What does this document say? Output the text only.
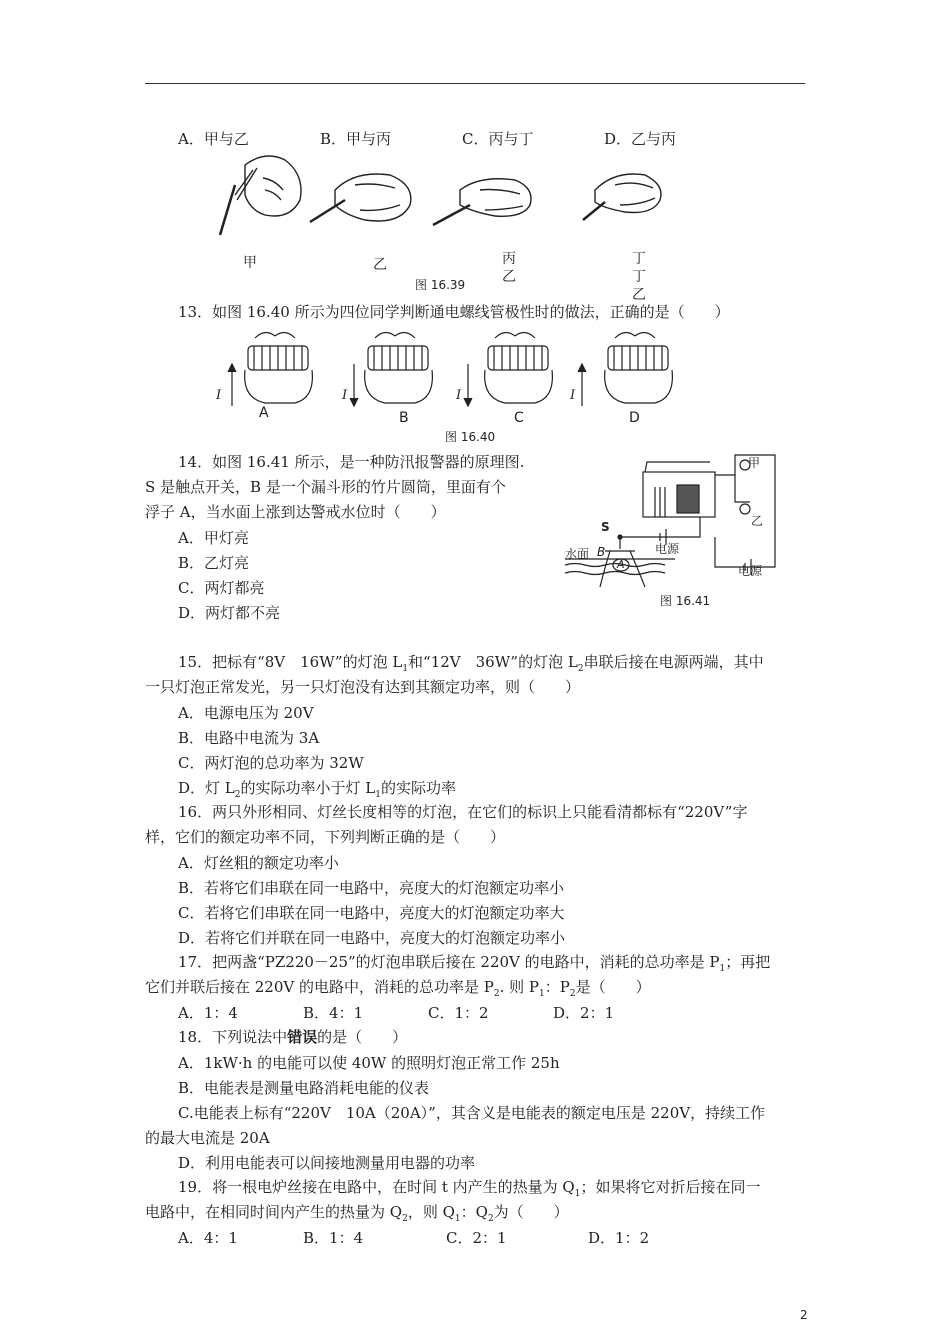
A．甲与乙	B．甲与丙	C．丙与丁	D．乙与丙
甲	乙	丙
乙
丁
丁
乙
图 16.39
13．如图 16.40 所示为四位同学判断通电螺线管极性时的做法，正确的是（　　）
I	I	I	I
A	B	C	D
图 16.40
14．如图 16.41 所示，是一种防汛报警器的原理图.
S 是触点开关，B 是一个漏斗形的竹片圆筒，里面有个
浮子 A，当水面上涨到达警戒水位时（　　）
A．甲灯亮
B．乙灯亮
C．两灯都亮
D．两灯都不亮
甲
乙
S
水面 B
A
电源
电源
图 16.41
15．把标有“8V　16W”的灯泡 $L_1$和“12V　36W”的灯泡 $L_2$串联后接在电源两端，其中
一只灯泡正常发光，另一只灯泡没有达到其额定功率，则（　　）
A．电源电压为 20V
B．电路中电流为 3A
C．两灯泡的总功率为 32W
D．灯 $L_2$的实际功率小于灯 $L_1$的实际功率
16．两只外形相同、灯丝长度相等的灯泡，在它们的标识上只能看清都标有“220V”字
样，它们的额定功率不同，下列判断正确的是（　　）
A．灯丝粗的额定功率小
B．若将它们串联在同一电路中，亮度大的灯泡额定功率小
C．若将它们串联在同一电路中，亮度大的灯泡额定功率大
D．若将它们并联在同一电路中，亮度大的灯泡额定功率小
17．把两盏“PZ220－25”的灯泡串联后接在 220V 的电路中，消耗的总功率是 $P_1$；再把
它们并联后接在 220V 的电路中，消耗的总功率是 $P_2$. 则 $P_1$：$P_2$是（　　）
A．1：4	B．4：1	C．1：2	D．2：1
18．下列说法中错误的是（　　）
A．1kW·h 的电能可以使 40W 的照明灯泡正常工作 25h
B．电能表是测量电路消耗电能的仪表
C.电能表上标有“220V　10A（20A）”，其含义是电能表的额定电压是 220V，持续工作
的最大电流是 20A
D．利用电能表可以间接地测量用电器的功率
19．将一根电炉丝接在电路中，在时间 t 内产生的热量为 $Q_1$；如果将它对折后接在同一
电路中，在相同时间内产生的热量为 $Q_2$，则 $Q_1$：$Q_2$为（　　）
A．4：1	B．1：4	C．2：1	D．1：2
2
